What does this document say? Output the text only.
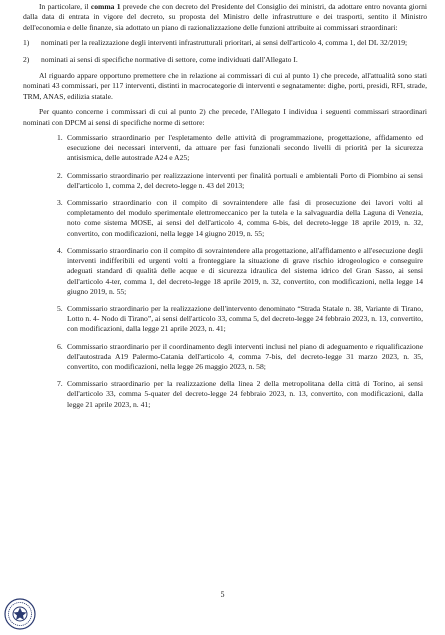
In particolare, il comma 1 prevede che con decreto del Presidente del Consiglio dei ministri, da adottare entro novanta giorni dalla data di entrata in vigore del decreto, su proposta del Ministro delle infrastrutture e dei trasporti, sentito il Ministro dell'economia e delle finanze, sia adottato un piano di razionalizzazione delle funzioni attribuite ai commissari straordinari:

1) nominati per la realizzazione degli interventi infrastrutturali prioritari, ai sensi dell'articolo 4, comma 1, del DL 32/2019;
2) nominati ai sensi di specifiche normative di settore, come individuati dall'Allegato I.

Al riguardo appare opportuno premettere che in relazione ai commissari di cui al punto 1) che precede, all'attualità sono stati nominati 43 commissari, per 117 interventi, distinti in macrocategorie di interventi e segnatamente: dighe, porti, presidi, RFI, strade, TRM, ANAS, edilizia statale.

Per quanto concerne i commissari di cui al punto 2) che precede, l'Allegato I individua i seguenti commissari straordinari nominati con DPCM ai sensi di specifiche norme di settore:

1. Commissario straordinario per l'espletamento delle attività di programmazione, progettazione, affidamento ed esecuzione dei necessari interventi, da attuare per fasi funzionali secondo livelli di priorità per la sicurezza antisismica, delle autostrade A24 e A25;
2. Commissario straordinario per realizzazione interventi per finalità portuali e ambientali Porto di Piombino ai sensi dell'articolo 1, comma 2, del decreto-legge n. 43 del 2013;
3. Commissario straordinario con il compito di sovraintendere alle fasi di prosecuzione dei lavori volti al completamento del modulo sperimentale elettromeccanico per la tutela e la salvaguardia della Laguna di Venezia, noto come sistema MOSE, ai sensi del dell'articolo 4, comma 6-bis, del decreto-legge 18 aprile 2019, n. 32, convertito, con modificazioni, nella legge 14 giugno 2019, n. 55;
4. Commissario straordinario con il compito di sovraintendere alla progettazione, all'affidamento e all'esecuzione degli interventi indifferibili ed urgenti volti a fronteggiare la situazione di grave rischio idrogeologico e conseguire adeguati standard di qualità delle acque e di sicurezza idraulica del sistema idrico del Gran Sasso, ai sensi dell'articolo 4-ter, comma 1, del decreto-legge 18 aprile 2019, n. 32, convertito, con modificazioni, nella legge 14 giugno 2019, n. 55;
5. Commissario straordinario per la realizzazione dell'intervento denominato “Strada Statale n. 38, Variante di Tirano, Lotto n. 4- Nodo di Tirano”, ai sensi dell'articolo 33, comma 5, del decreto-legge 24 febbraio 2023, n. 13, convertito, con modificazioni, dalla legge 21 aprile 2023, n. 41;
6. Commissario straordinario per il coordinamento degli interventi inclusi nel piano di adeguamento e riqualificazione dell'autostrada A19 Palermo-Catania dell'articolo 4, comma 7-bis, del decreto-legge 31 marzo 2023, n. 35, convertito, con modificazioni, nella legge 26 maggio 2023, n. 58;
7. Commissario straordinario per la realizzazione della linea 2 della metropolitana della città di Torino, ai sensi dell'articolo 33, comma 5-quater del decreto-legge 24 febbraio 2023, n. 13, convertito, con modificazioni, dalla legge 21 aprile 2023, n. 41;
5
